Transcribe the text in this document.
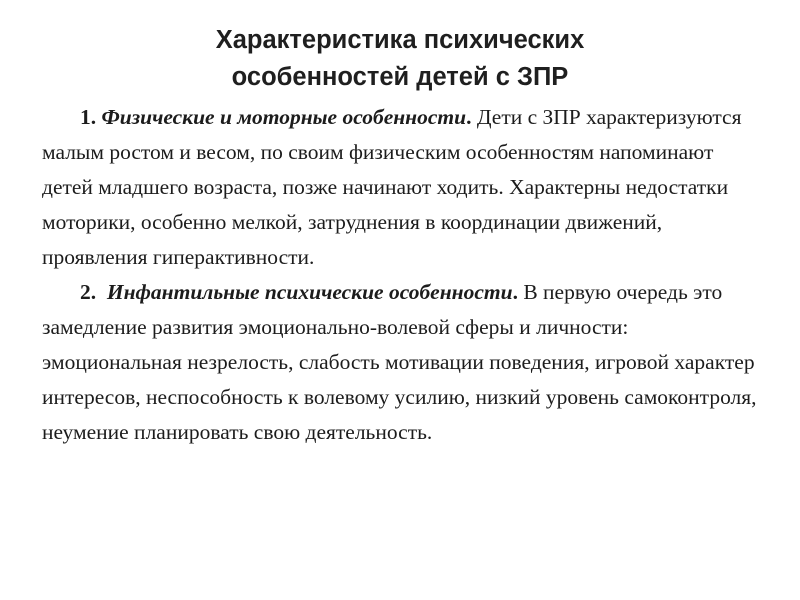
Характеристика психических
особенностей детей с ЗПР

1. Физические и моторные особенности. Дети с ЗПР характеризуются малым ростом и весом, по своим физическим особенностям напоминают детей младшего возраста, позже начинают ходить. Характерны недостатки моторики, особенно мелкой, затруднения в координации движений, проявления гиперактивности.

2. Инфантильные психические особенности. В первую очередь это замедление развития эмоционально-волевой сферы и личности: эмоциональная незрелость, слабость мотивации поведения, игровой характер интересов, неспособность к волевому усилию, низкий уровень самоконтроля, неумение планировать свою деятельность.
